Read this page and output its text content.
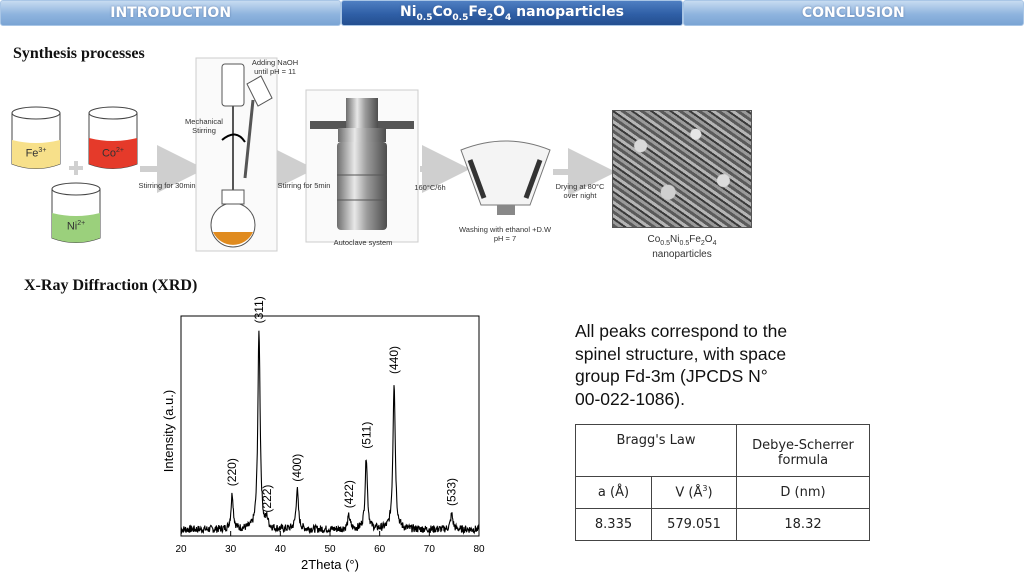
INTRODUCTION	$Ni_{0.5}Co_{0.5}Fe_2O_4$ nanoparticles	CONCLUSION
Synthesis processes
$Fe^{3+}$	$Co^{2+}$
$Ni^{2+}$
Adding NaOH
until pH = 11
Mechanical
Stirring
Stirring for 30min	Stirring for 5min
Autoclave system
160°C/6h
Washing with ethanol +D.W
pH = 7
Drying at 80°C
over night
$Co_{0.5}Ni_{0.5}Fe_2O_4$
nanoparticles
X-Ray Diffraction (XRD)
20	30	40	50	60	70	80
2Theta (°)
Intensity (a.u.)
(220)
(311)
(222)
(400)
(422)
(511)
(440)
(533)
All peaks correspond to the
spinel structure, with space
group Fd-3m (JPCDS N°
00-022-1086).
Bragg's Law		Debye-Scherrer
formula

a (Å)	V $(Å^3)$	D (nm)
8.335	579.051	18.32
